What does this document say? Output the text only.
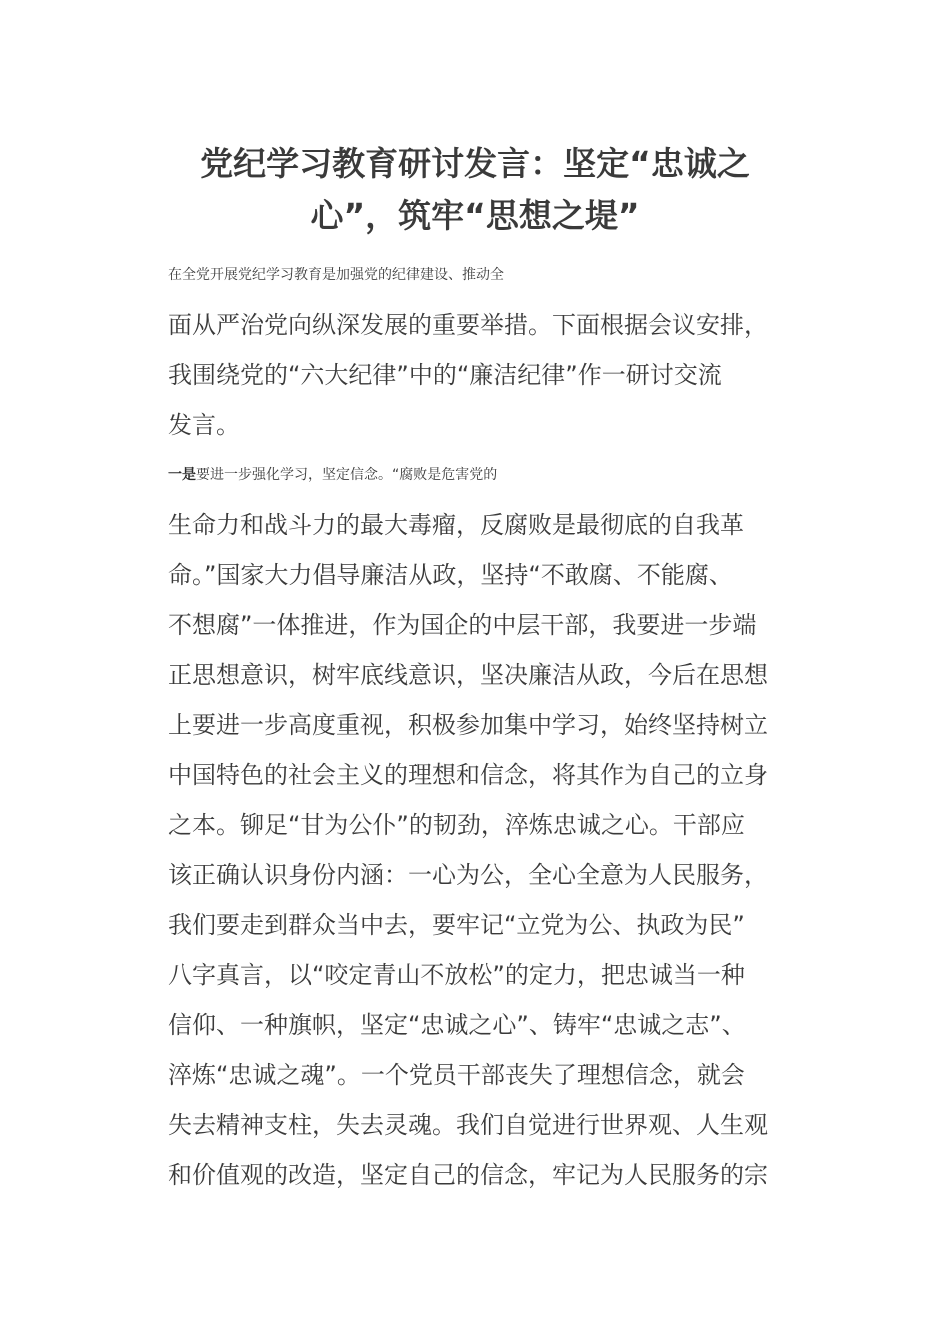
党纪学习教育研讨发言：坚定“忠诚之
心”，筑牢“思想之堤”

在全党开展党纪学习教育是加强党的纪律建设、推动全
面从严治党向纵深发展的重要举措。下面根据会议安排，
我围绕党的“六大纪律”中的“廉洁纪律”作一研讨交流
发言。

一是要进一步强化学习，坚定信念。“腐败是危害党的
生命力和战斗力的最大毒瘤，反腐败是最彻底的自我革
命。”国家大力倡导廉洁从政，坚持“不敢腐、不能腐、
不想腐”一体推进，作为国企的中层干部，我要进一步端
正思想意识，树牢底线意识，坚决廉洁从政，今后在思想
上要进一步高度重视，积极参加集中学习，始终坚持树立
中国特色的社会主义的理想和信念，将其作为自己的立身
之本。铆足“甘为公仆”的韧劲，淬炼忠诚之心。干部应
该正确认识身份内涵：一心为公，全心全意为人民服务，
我们要走到群众当中去，要牢记“立党为公、执政为民”
八字真言，以“咬定青山不放松”的定力，把忠诚当一种
信仰、一种旗帜，坚定“忠诚之心”、铸牢“忠诚之志”、
淬炼“忠诚之魂”。一个党员干部丧失了理想信念，就会
失去精神支柱，失去灵魂。我们自觉进行世界观、人生观
和价值观的改造，坚定自己的信念，牢记为人民服务的宗
